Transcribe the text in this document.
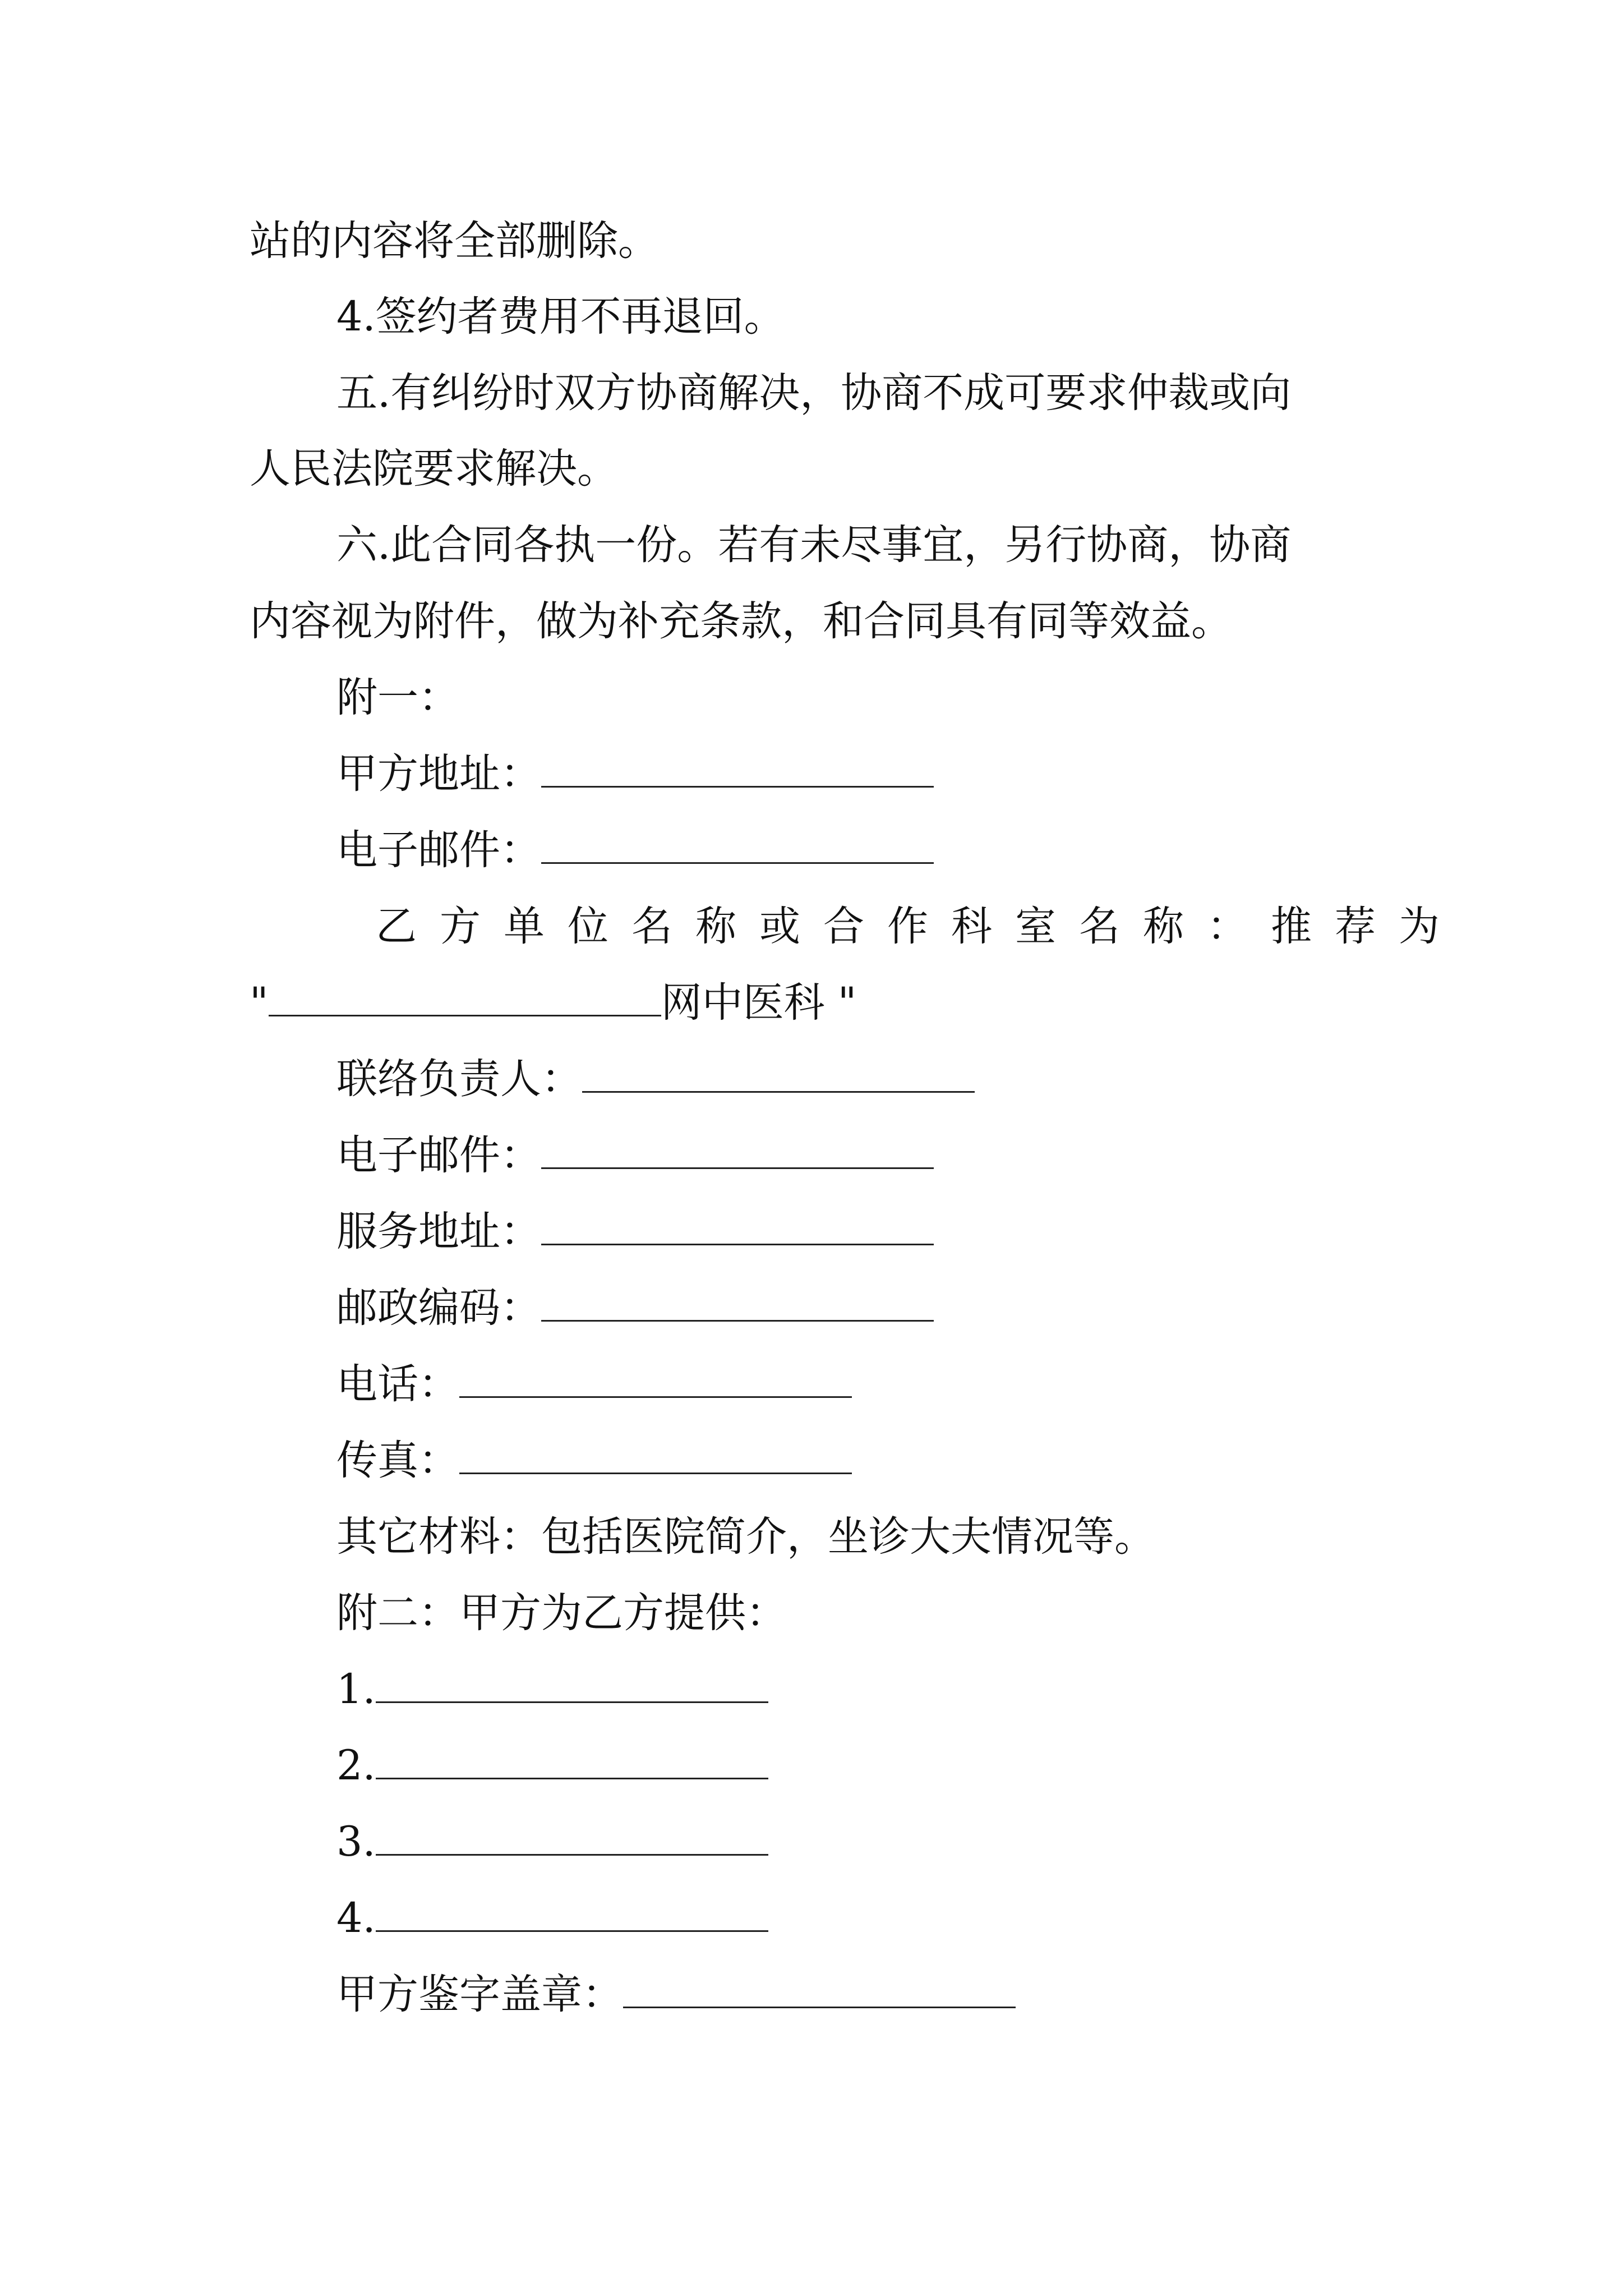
站的内容将全部删除。
4.签约者费用不再退回。
五.有纠纷时双方协商解决，协商不成可要求仲裁或向
人民法院要求解决。
六.此合同各执一份。若有未尽事宜，另行协商，协商
内容视为附件，做为补充条款，和合同具有同等效益。
附一：
甲方地址：
电子邮件：
乙方单位名称或合作科室名称：推荐为
"	网中医科 "
联络负责人：
电子邮件：
服务地址：
邮政编码：
电话：
传真：
其它材料：包括医院简介，坐诊大夫情况等。
附二：甲方为乙方提供：
1.
2.
3.
4.
甲方鉴字盖章：
